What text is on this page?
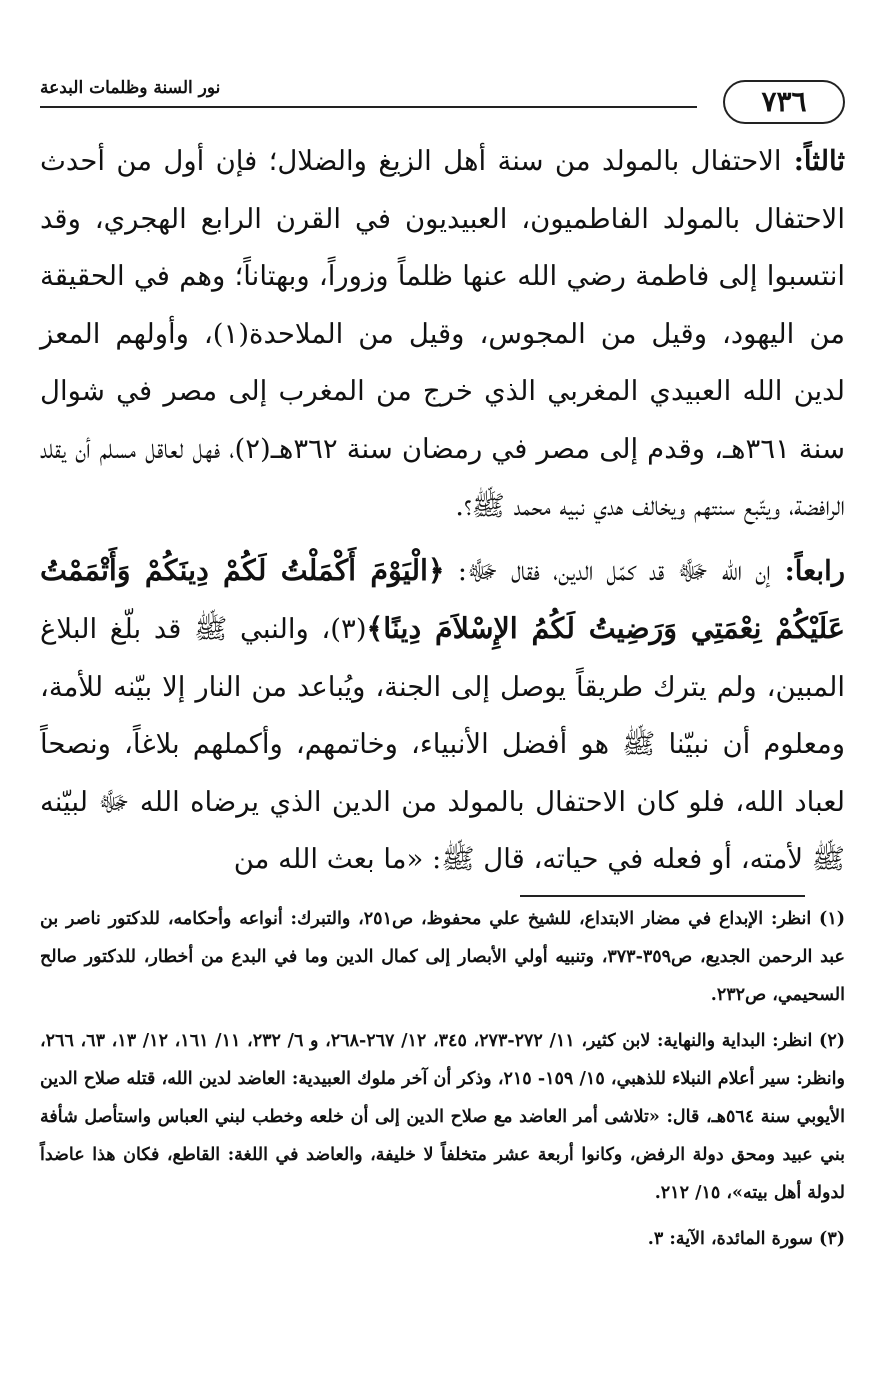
٧٣٦
نور السنة وظلمات البدعة

ثالثاً: الاحتفال بالمولد من سنة أهل الزيغ والضلال؛ فإن أول من أحدث الاحتفال بالمولد الفاطميون، العبيديون في القرن الرابع الهجري، وقد انتسبوا إلى فاطمة رضي الله عنها ظلماً وزوراً، وبهتاناً؛ وهم في الحقيقة من اليهود، وقيل من المجوس، وقيل من الملاحدة(١)، وأولهم المعز لدين الله العبيدي المغربي الذي خرج من المغرب إلى مصر في شوال سنة ٣٦١هـ، وقدم إلى مصر في رمضان سنة ٣٦٢هـ(٢)، فهل لعاقل مسلم أن يقلد الرافضة، ويتّبع سنتهم ويخالف هدي نبيه محمد ﷺ؟.

رابعاً: إن الله ﷻ قد كمّل الدين، فقال ﷻ: ﴿الْيَوْمَ أَكْمَلْتُ لَكُمْ دِينَكُمْ وَأَتْمَمْتُ عَلَيْكُمْ نِعْمَتِي وَرَضِيتُ لَكُمُ الإِسْلاَمَ دِينًا﴾(٣)، والنبي ﷺ قد بلّغ البلاغ المبين، ولم يترك طريقاً يوصل إلى الجنة، ويُباعد من النار إلا بيّنه للأمة، ومعلوم أن نبيّنا ﷺ هو أفضل الأنبياء، وخاتمهم، وأكملهم بلاغاً، ونصحاً لعباد الله، فلو كان الاحتفال بالمولد من الدين الذي يرضاه الله ﷻ لبيّنه ﷺ لأمته، أو فعله في حياته، قال ﷺ: «ما بعث الله من

(١) انظر: الإبداع في مضار الابتداع، للشيخ علي محفوظ، ص٢٥١، والتبرك: أنواعه وأحكامه، للدكتور ناصر بن عبد الرحمن الجديع، ص٣٥٩-٣٧٣، وتنبيه أولي الأبصار إلى كمال الدين وما في البدع من أخطار، للدكتور صالح السحيمي، ص٢٣٢.

(٢) انظر: البداية والنهاية: لابن كثير، ١١/ ٢٧٢-٢٧٣، ٣٤٥، ١٢/ ٢٦٧-٢٦٨، و ٦/ ٢٣٢، ١١/ ١٦١، ١٢/ ١٣، ٦٣، ٢٦٦، وانظر: سير أعلام النبلاء للذهبي، ١٥/ ١٥٩- ٢١٥، وذكر أن آخر ملوك العبيدية: العاضد لدين الله، قتله صلاح الدين الأيوبي سنة ٥٦٤هـ، قال: «تلاشى أمر العاضد مع صلاح الدين إلى أن خلعه وخطب لبني العباس واستأصل شأفة بني عبيد ومحق دولة الرفض، وكانوا أربعة عشر متخلفاً لا خليفة، والعاضد في اللغة: القاطع، فكان هذا عاضداً لدولة أهل بيته»، ١٥/ ٢١٢.

(٣) سورة المائدة، الآية: ٣.
